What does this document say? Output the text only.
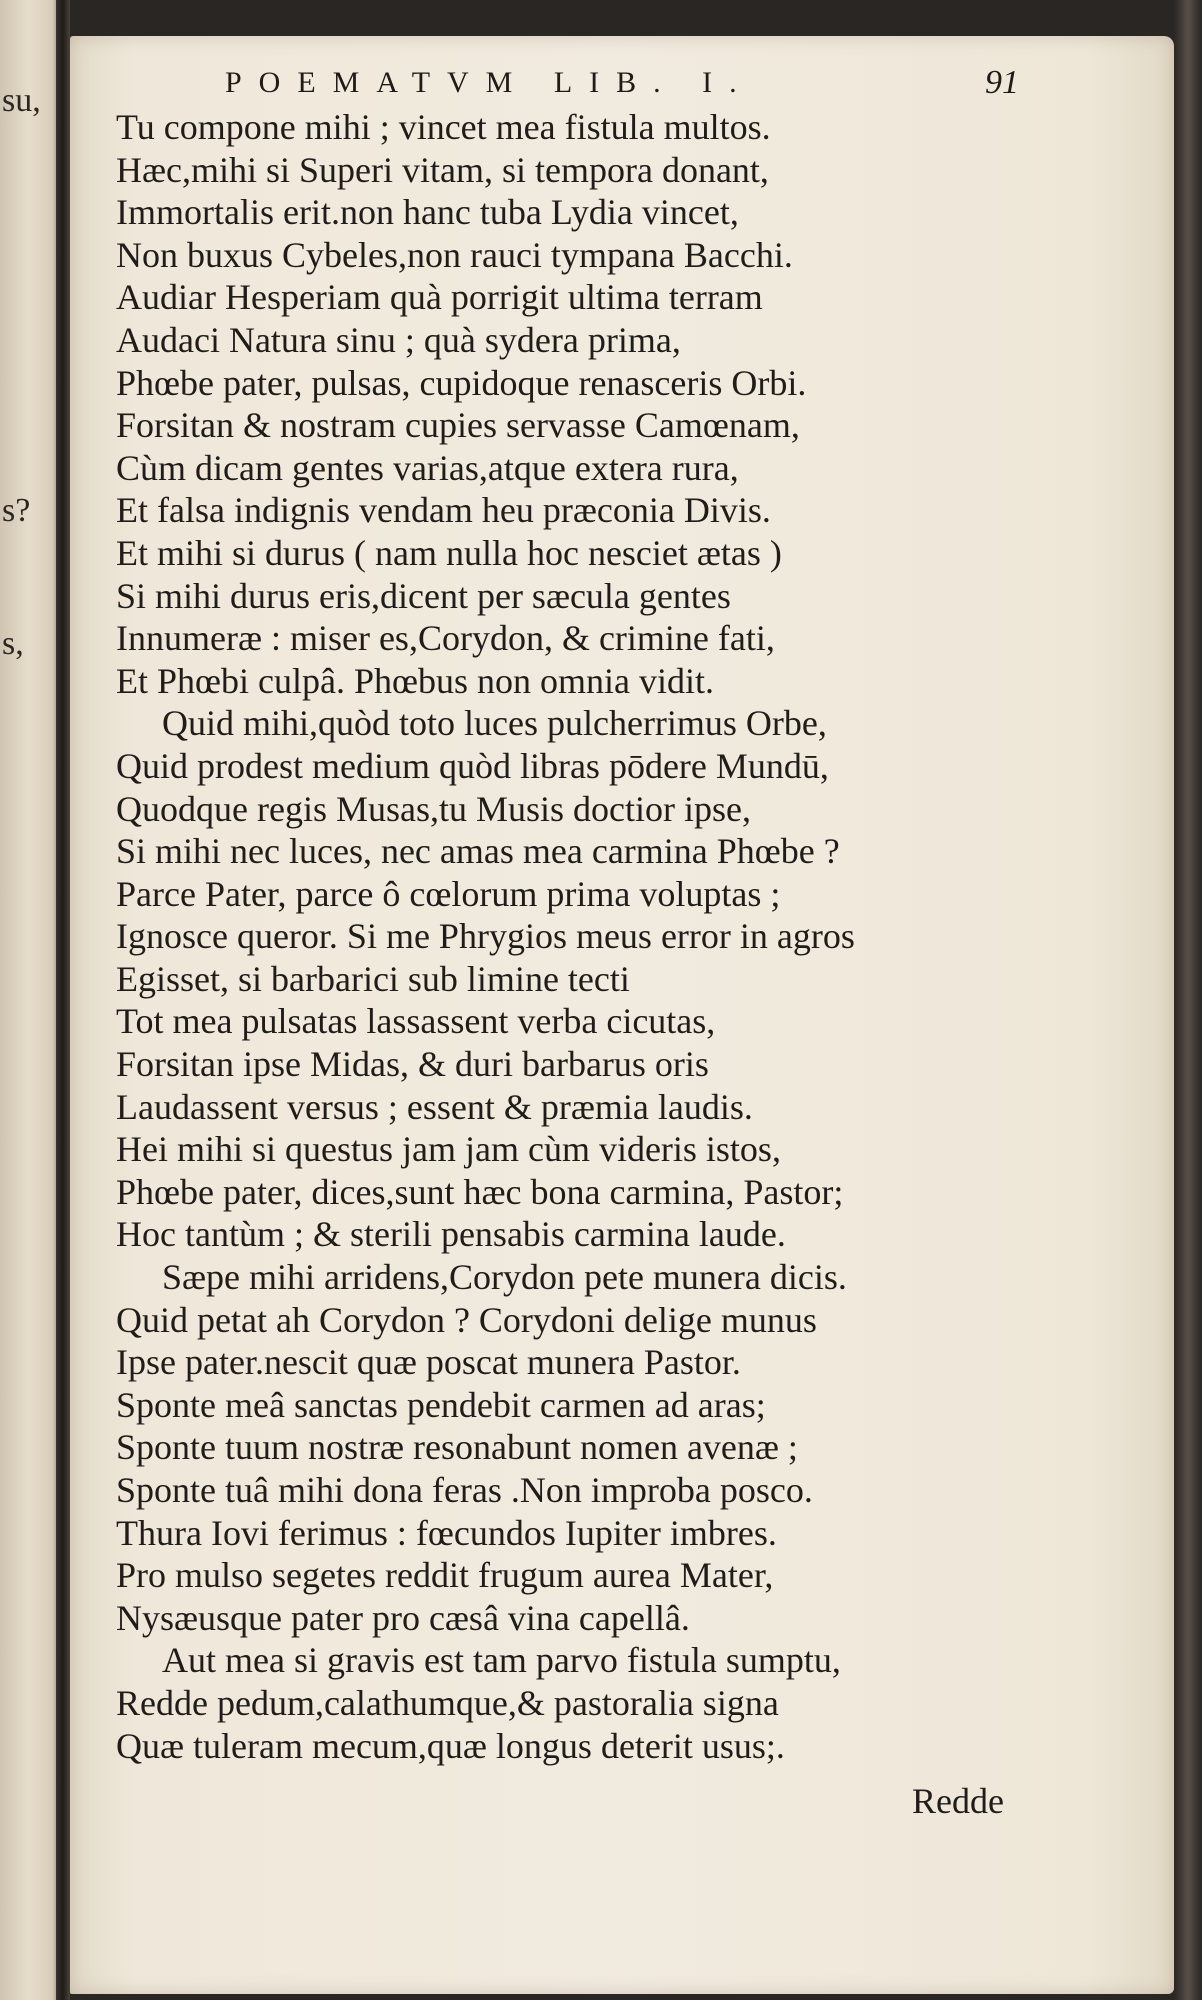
su,
s?
s,
POEMATVM LIB. I.	91
Tu compone mihi ; vincet mea fistula multos.
Hæc,mihi si Superi vitam, si tempora donant,
Immortalis erit.non hanc tuba Lydia vincet,
Non buxus Cybeles,non rauci tympana Bacchi.
Audiar Hesperiam quà porrigit ultima terram
Audaci Natura sinu ; quà sydera prima,
Phœbe pater, pulsas, cupidoque renasceris Orbi.
Forsitan & nostram cupies servasse Camœnam,
Cùm dicam gentes varias,atque extera rura,
Et falsa indignis vendam heu præconia Divis.
Et mihi si durus ( nam nulla hoc nesciet ætas )
Si mihi durus eris,dicent per sæcula gentes
Innumeræ : miser es,Corydon, & crimine fati,
Et Phœbi culpâ. Phœbus non omnia vidit.
Quid mihi,quòd toto luces pulcherrimus Orbe,
Quid prodest medium quòd libras pōdere Mundū,
Quodque regis Musas,tu Musis doctior ipse,
Si mihi nec luces, nec amas mea carmina Phœbe ?
Parce Pater, parce ô cœlorum prima voluptas ;
Ignosce queror. Si me Phrygios meus error in agros
Egisset, si barbarici sub limine tecti
Tot mea pulsatas lassassent verba cicutas,
Forsitan ipse Midas, & duri barbarus oris
Laudassent versus ; essent & præmia laudis.
Hei mihi si questus jam jam cùm videris istos,
Phœbe pater, dices,sunt hæc bona carmina, Pastor;
Hoc tantùm ; & sterili pensabis carmina laude.
Sæpe mihi arridens,Corydon pete munera dicis.
Quid petat ah Corydon ? Corydoni delige munus
Ipse pater.nescit quæ poscat munera Pastor.
Sponte meâ sanctas pendebit carmen ad aras;
Sponte tuum nostræ resonabunt nomen avenæ ;
Sponte tuâ mihi dona feras .Non improba posco.
Thura Iovi ferimus : fœcundos Iupiter imbres.
Pro mulso segetes reddit frugum aurea Mater,
Nysæusque pater pro cæsâ vina capellâ.
Aut mea si gravis est tam parvo fistula sumptu,
Redde pedum,calathumque,& pastoralia signa
Quæ tuleram mecum,quæ longus deterit usus;.
Redde
